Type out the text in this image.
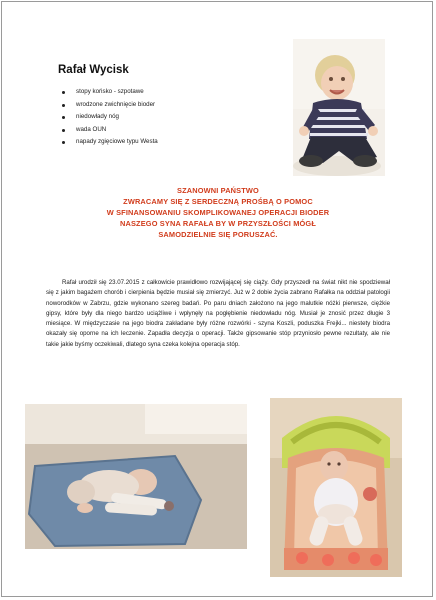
Rafał Wycisk
stopy końsko - szpotawe
wrodzone zwichnięcie bioder
niedowłady nóg
wada OUN
napady zgięciowe typu Westa
SZANOWNI PAŃSTWO
ZWRACAMY SIĘ Z SERDECZNĄ PROŚBĄ O POMOC
W SFINANSOWANIU SKOMPLIKOWANEJ OPERACJI BIODER
NASZEGO SYNA RAFAŁA BY W PRZYSZŁOŚCI MÓGŁ
SAMODZIELNIE SIĘ PORUSZAĆ.

Rafał urodził się 23.07.2015 z całkowicie prawidłowo rozwijającej się ciąży. Gdy przyszedł na świat nikt nie spodziewał się z jakim bagażem chorób i cierpienia będzie musiał się zmierzyć. Już w 2 dobie życia zabrano Rafałka na oddział patologii noworodków w Zabrzu, gdzie wykonano szereg badań. Po paru dniach założono na jego malutkie nóżki pierwsze, ciężkie gipsy, które były dla niego bardzo uciążliwe i wpłynęły na pogłębienie niedowładu nóg. Musiał je znosić przez długie 3 miesiące. W międzyczasie na jego biodra zakładane były różne rozwórki - szyna Koszli, poduszka Frejki... niestety biodra okazały się oporne na ich leczenie. Zapadła decyzja o operacji. Także gipsowanie stóp przyniosło pewne rezultaty, ale nie takie jakie byśmy oczekiwali, dlatego syna czeka kolejna operacja stóp.
